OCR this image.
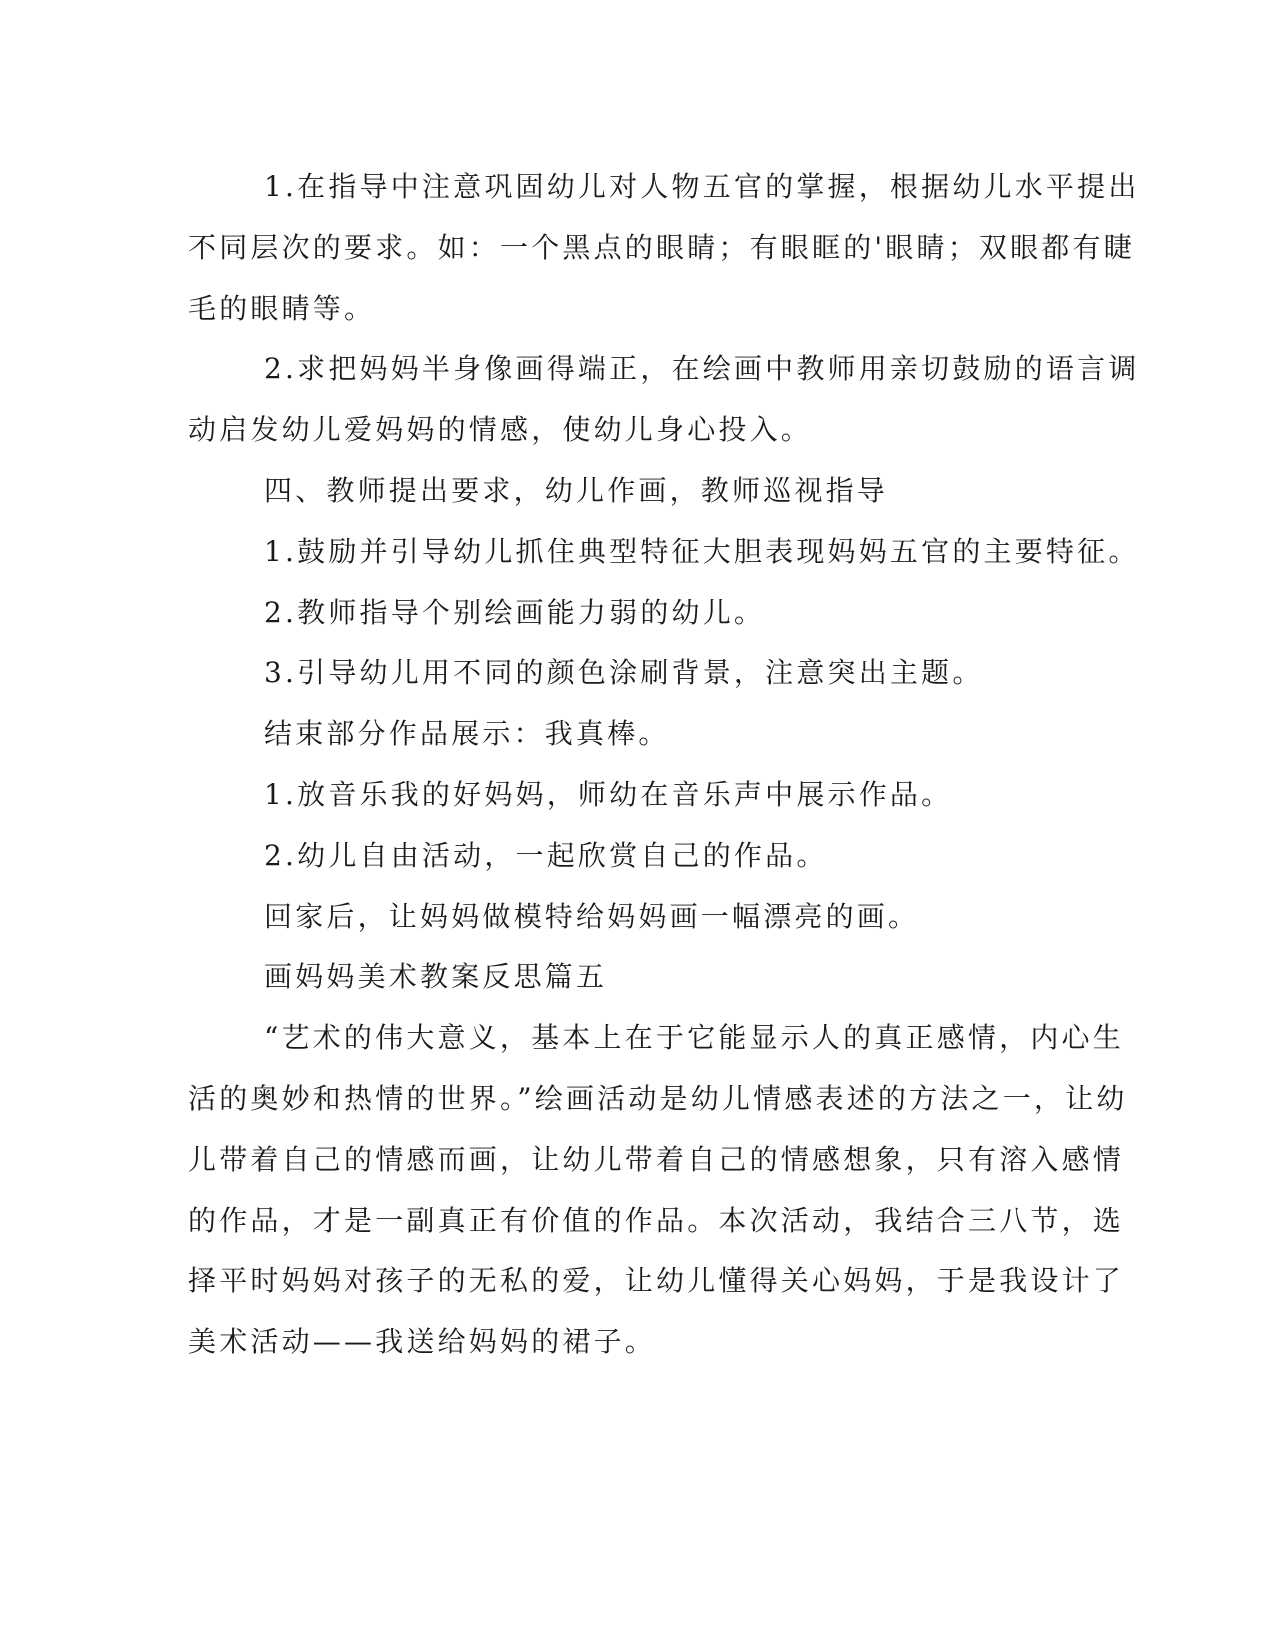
1.在指导中注意巩固幼儿对人物五官的掌握，根据幼儿水平提出

不同层次的要求。如：一个黑点的眼睛；有眼眶的'眼睛；双眼都有睫

毛的眼睛等。

2.求把妈妈半身像画得端正，在绘画中教师用亲切鼓励的语言调

动启发幼儿爱妈妈的情感，使幼儿身心投入。

四、教师提出要求，幼儿作画，教师巡视指导

1.鼓励并引导幼儿抓住典型特征大胆表现妈妈五官的主要特征。

2.教师指导个别绘画能力弱的幼儿。

3.引导幼儿用不同的颜色涂刷背景，注意突出主题。

结束部分作品展示：我真棒。

1.放音乐我的好妈妈，师幼在音乐声中展示作品。

2.幼儿自由活动，一起欣赏自己的作品。

回家后，让妈妈做模特给妈妈画一幅漂亮的画。

画妈妈美术教案反思篇五

“艺术的伟大意义，基本上在于它能显示人的真正感情，内心生

活的奥妙和热情的世界。”绘画活动是幼儿情感表述的方法之一，让幼

儿带着自己的情感而画，让幼儿带着自己的情感想象，只有溶入感情

的作品，才是一副真正有价值的作品。本次活动，我结合三八节，选

择平时妈妈对孩子的无私的爱，让幼儿懂得关心妈妈，于是我设计了

美术活动——我送给妈妈的裙子。
